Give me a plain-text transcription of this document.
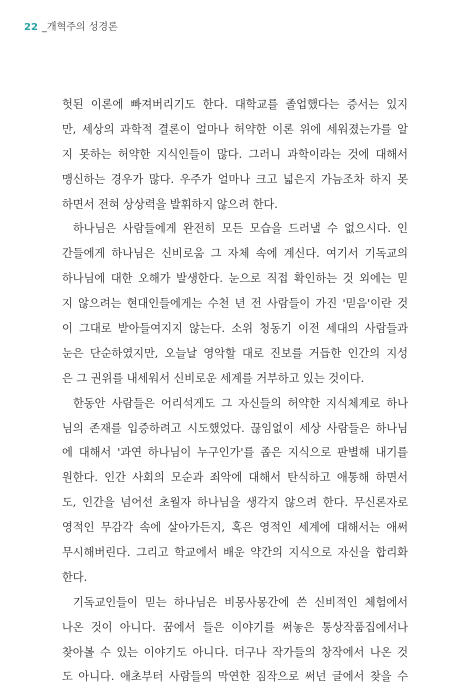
22 _개혁주의 성경론
헛된 이론에 빠져버리기도 한다. 대학교를 졸업했다는 증서는 있지
만, 세상의 과학적 결론이 얼마나 허약한 이론 위에 세워졌는가를 알
지 못하는 허약한 지식인들이 많다. 그러니 과학이라는 것에 대해서
맹신하는 경우가 많다. 우주가 얼마나 크고 넓은지 가늠조차 하지 못
하면서 전혀 상상력을 발휘하지 않으려 한다.
하나님은 사람들에게 완전히 모든 모습을 드러낼 수 없으시다. 인
간들에게 하나님은 신비로움 그 자체 속에 계신다. 여기서 기독교의
하나님에 대한 오해가 발생한다. 눈으로 직접 확인하는 것 외에는 믿
지 않으려는 현대인들에게는 수천 년 전 사람들이 가진 '믿음'이란 것
이 그대로 받아들여지지 않는다. 소위 청동기 이전 세대의 사람들과
눈은 단순하였지만, 오늘날 영악할 대로 진보를 거듭한 인간의 지성
은 그 권위를 내세워서 신비로운 세계를 거부하고 있는 것이다.
한동안 사람들은 어리석게도 그 자신들의 허약한 지식체계로 하나
님의 존재를 입증하려고 시도했었다. 끊임없이 세상 사람들은 하나님
에 대해서 '과연 하나님이 누구인가'를 좁은 지식으로 판별해 내기를
원한다. 인간 사회의 모순과 죄악에 대해서 탄식하고 애통해 하면서
도, 인간을 넘어선 초월자 하나님을 생각지 않으려 한다. 무신론자로
영적인 무감각 속에 살아가든지, 혹은 영적인 세계에 대해서는 애써
무시해버린다. 그리고 학교에서 배운 약간의 지식으로 자신을 합리화
한다.
기독교인들이 믿는 하나님은 비몽사몽간에 쓴 신비적인 체험에서
나온 것이 아니다. 꿈에서 들은 이야기를 써놓은 통상작품집에서나
찾아볼 수 있는 이야기도 아니다. 더구나 작가들의 창작에서 나온 것
도 아니다. 애초부터 사람들의 막연한 짐작으로 써넌 글에서 찾을 수
